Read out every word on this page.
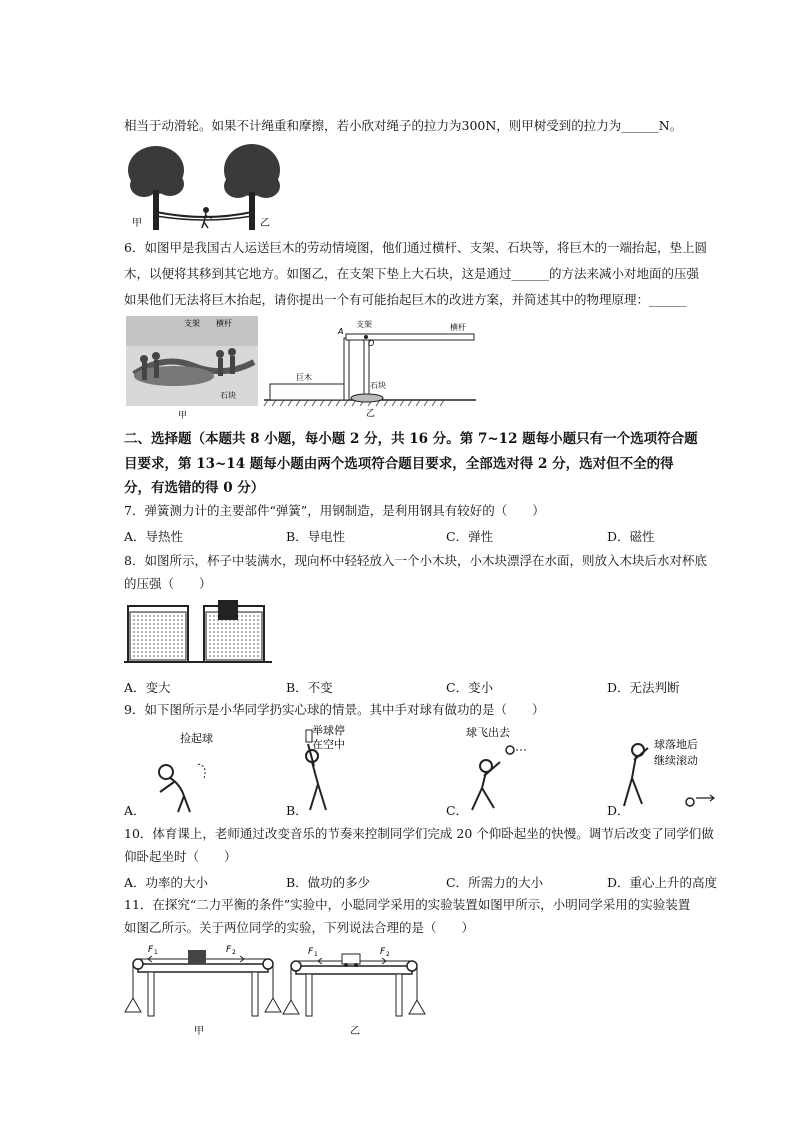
相当于动滑轮。如果不计绳重和摩擦，若小欣对绳子的拉力为300N，则甲树受到的拉力为______N。
甲	乙
6．如图甲是我国古人运送巨木的劳动情境图，他们通过横杆、支架、石块等，将巨木的一端抬起，垫上圆
木，以便将其移到其它地方。如图乙，在支架下垫上大石块，这是通过______的方法来减小对地面的压强
如果他们无法将巨木抬起，请你提出一个有可能抬起巨木的改进方案，并简述其中的物理原理：______
支架 横杆
石块
甲
A
O
支架	横杆
巨木
石块
乙
二、选择题（本题共 8 小题，每小题 2 分，共 16 分。第 7~12 题每小题只有一个选项符合题
目要求，第 13~14 题每小题由两个选项符合题目要求，全部选对得 2 分，选对但不全的得
分，有选错的得 0 分）
7．弹簧测力计的主要部件“弹簧”，用钢制造，是利用钢具有较好的（　　）
A．导热性	B．导电性	C．弹性	D．磁性
8．如图所示，杯子中装满水，现向杯中轻轻放入一个小木块，小木块漂浮在水面，则放入木块后水对杯底
的压强（　　）
A．变大	B．不变	C．变小	D．无法判断
9．如下图所示是小华同学扔实心球的情景。其中手对球有做功的是（　　）
捡起球
举球停
在空中
球飞出去
球落地后
继续滚动
A．	B．	C．	D．
10．体育课上，老师通过改变音乐的节奏来控制同学们完成 20 个仰卧起坐的快慢。调节后改变了同学们做
仰卧起坐时（　　）
A．功率的大小	B．做功的多少	C．所需力的大小	D．重心上升的高度
11．在探究“二力平衡的条件”实验中，小聪同学采用的实验装置如图甲所示，小明同学采用的实验装置
如图乙所示。关于两位同学的实验，下列说法合理的是（　　）
F 1	F 2
甲
F 1	F 2
乙
